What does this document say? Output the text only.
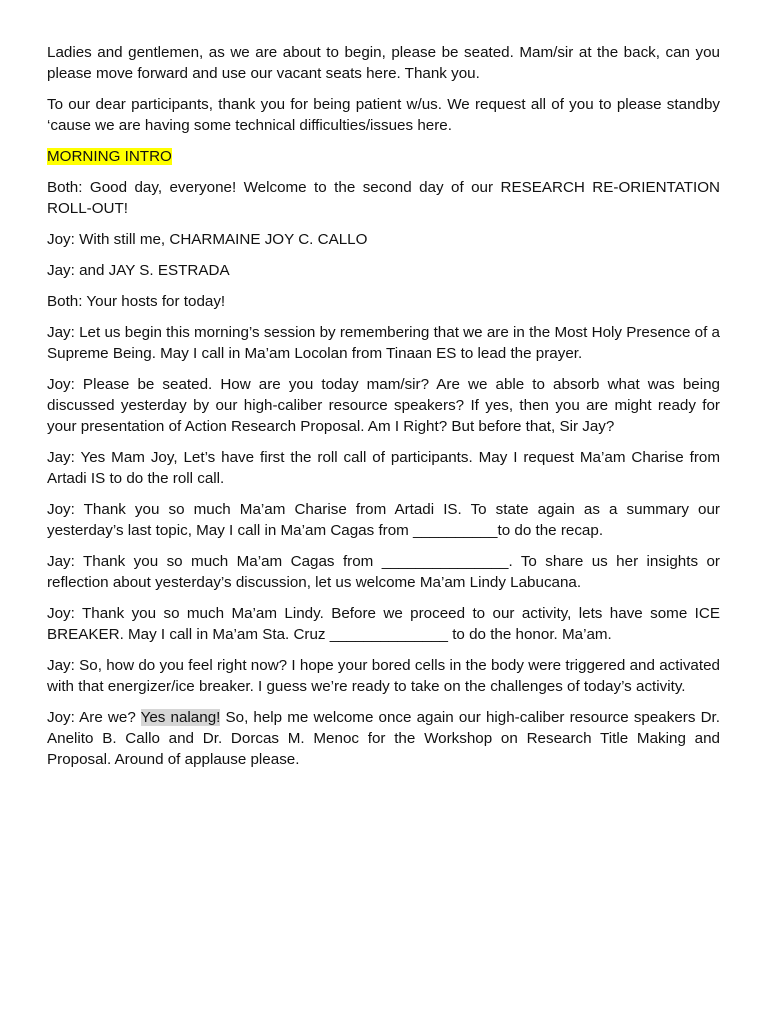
Ladies and gentlemen, as we are about to begin, please be seated. Mam/sir at the back, can you please move forward and use our vacant seats here. Thank you.

To our dear participants, thank you for being patient w/us. We request all of you to please standby ‘cause we are having some technical difficulties/issues here.

MORNING INTRO

Both: Good day, everyone! Welcome to the second day of our RESEARCH RE-ORIENTATION ROLL-OUT!

Joy: With still me, CHARMAINE JOY C. CALLO

Jay: and JAY S. ESTRADA

Both: Your hosts for today!

Jay: Let us begin this morning’s session by remembering that we are in the Most Holy Presence of a Supreme Being. May I call in Ma’am Locolan from Tinaan ES to lead the prayer.

Joy: Please be seated. How are you today mam/sir? Are we able to absorb what was being discussed yesterday by our high-caliber resource speakers? If yes, then you are might ready for your presentation of Action Research Proposal. Am I Right? But before that, Sir Jay?

Jay: Yes Mam Joy, Let’s have first the roll call of participants. May I request Ma’am Charise from Artadi IS to do the roll call.

Joy: Thank you so much Ma’am Charise from Artadi IS. To state again as a summary our yesterday’s last topic, May I call in Ma’am Cagas from __________to do the recap.

Jay: Thank you so much Ma’am Cagas from _______________. To share us her insights or reflection about yesterday’s discussion, let us welcome Ma’am Lindy Labucana.

Joy: Thank you so much Ma’am Lindy. Before we proceed to our activity, lets have some ICE BREAKER. May I call in Ma’am Sta. Cruz ______________ to do the honor. Ma’am.

Jay: So, how do you feel right now? I hope your bored cells in the body were triggered and activated with that energizer/ice breaker. I guess we’re ready to take on the challenges of today’s activity.

Joy: Are we? Yes nalang! So, help me welcome once again our high-caliber resource speakers Dr. Anelito B. Callo and Dr. Dorcas M. Menoc for the Workshop on Research Title Making and Proposal. Around of applause please.
